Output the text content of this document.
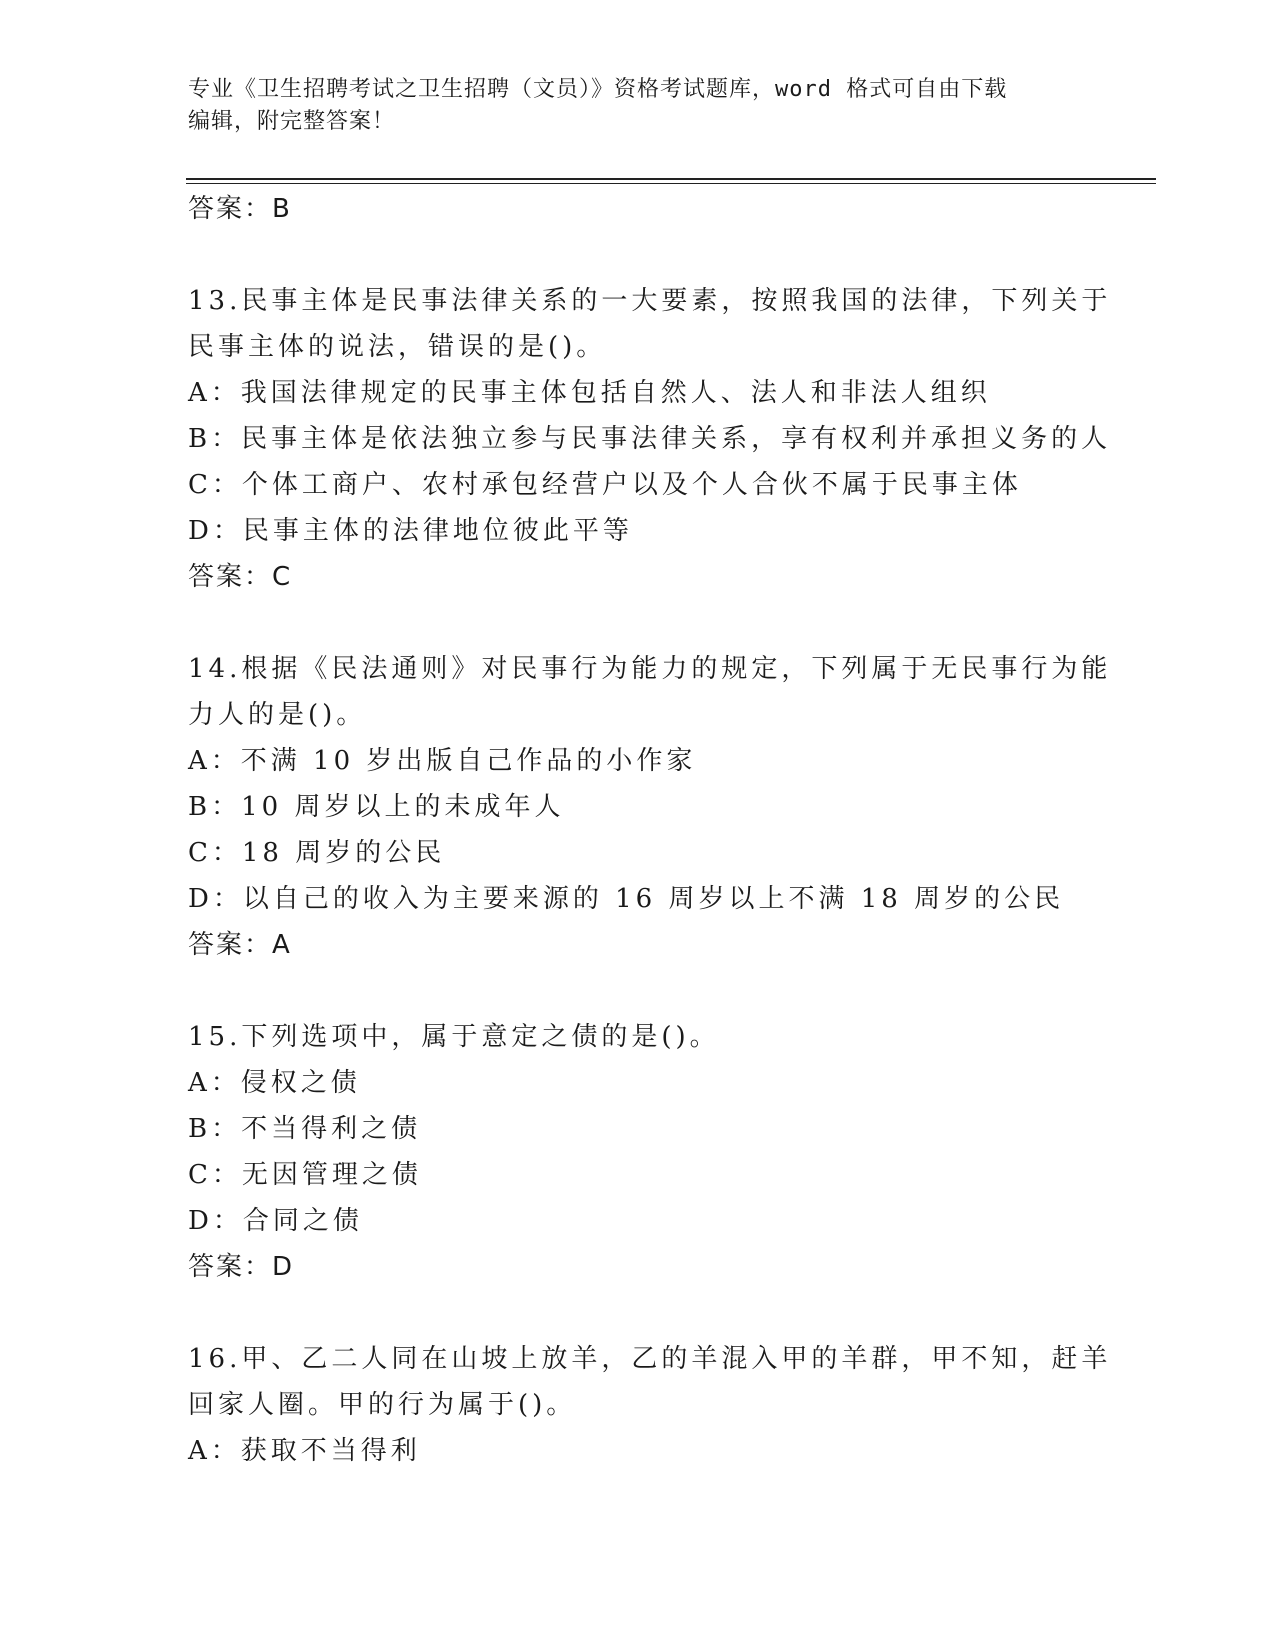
专业《卫生招聘考试之卫生招聘（文员）》资格考试题库，word 格式可自由下载
编辑，附完整答案！
答案：B
13.民事主体是民事法律关系的一大要素，按照我国的法律，下列关于
民事主体的说法，错误的是()。
A：我国法律规定的民事主体包括自然人、法人和非法人组织
B：民事主体是依法独立参与民事法律关系，享有权利并承担义务的人
C：个体工商户、农村承包经营户以及个人合伙不属于民事主体
D：民事主体的法律地位彼此平等
答案：C
14.根据《民法通则》对民事行为能力的规定，下列属于无民事行为能
力人的是()。
A：不满 10 岁出版自己作品的小作家
B：10 周岁以上的未成年人
C：18 周岁的公民
D：以自己的收入为主要来源的 16 周岁以上不满 18 周岁的公民
答案：A
15.下列选项中，属于意定之债的是()。
A：侵权之债
B：不当得利之债
C：无因管理之债
D：合同之债
答案：D
16.甲、乙二人同在山坡上放羊，乙的羊混入甲的羊群，甲不知，赶羊
回家人圈。甲的行为属于()。
A：获取不当得利
